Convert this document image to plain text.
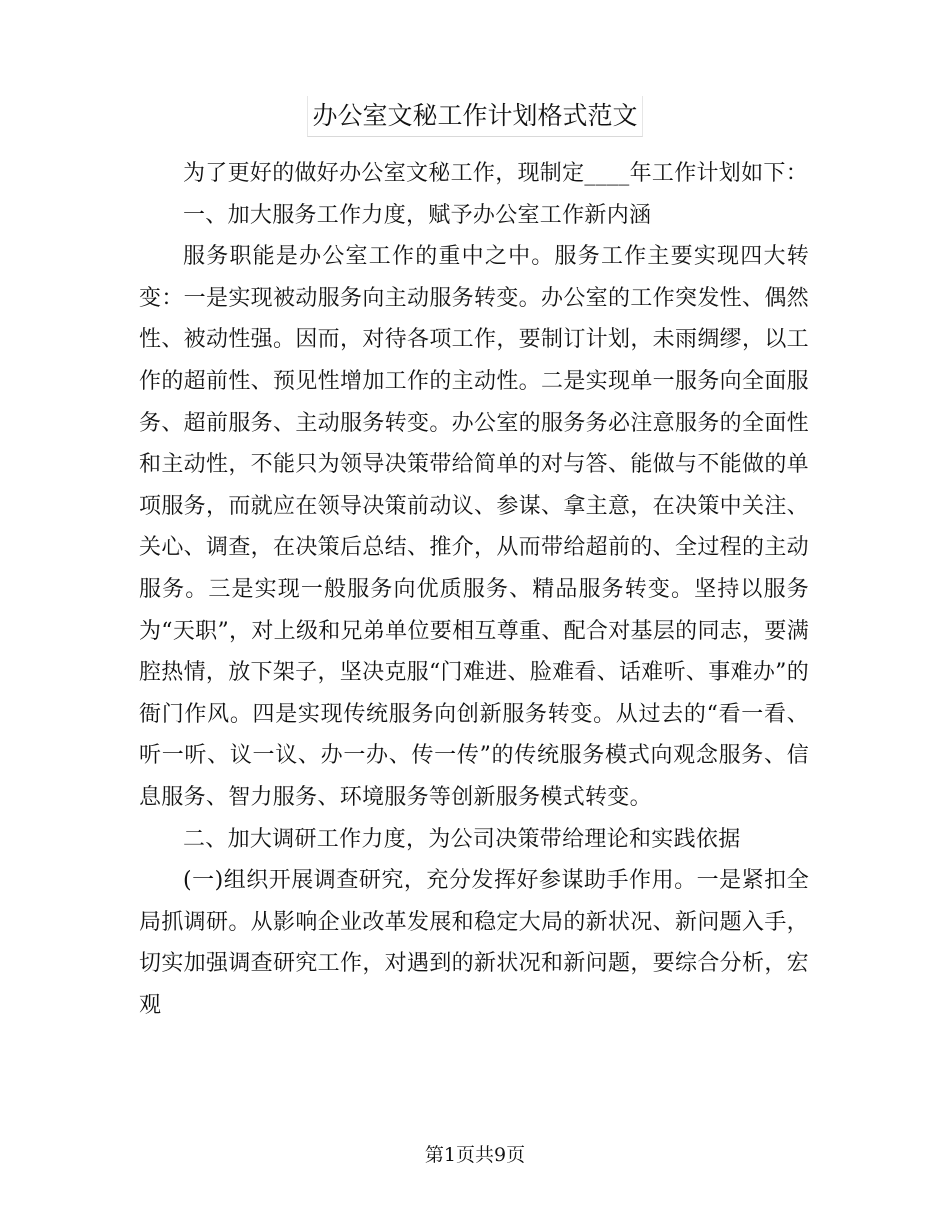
办公室文秘工作计划格式范文

为了更好的做好办公室文秘工作，现制定____年工作计划如下：

一、加大服务工作力度，赋予办公室工作新内涵

服务职能是办公室工作的重中之中。服务工作主要实现四大转变：一是实现被动服务向主动服务转变。办公室的工作突发性、偶然性、被动性强。因而，对待各项工作，要制订计划，未雨绸缪，以工作的超前性、预见性增加工作的主动性。二是实现单一服务向全面服务、超前服务、主动服务转变。办公室的服务务必注意服务的全面性和主动性，不能只为领导决策带给简单的对与答、能做与不能做的单项服务，而就应在领导决策前动议、参谋、拿主意，在决策中关注、关心、调查，在决策后总结、推介，从而带给超前的、全过程的主动服务。三是实现一般服务向优质服务、精品服务转变。坚持以服务为“天职”，对上级和兄弟单位要相互尊重、配合对基层的同志，要满腔热情，放下架子，坚决克服“门难进、脸难看、话难听、事难办”的衙门作风。四是实现传统服务向创新服务转变。从过去的“看一看、听一听、议一议、办一办、传一传”的传统服务模式向观念服务、信息服务、智力服务、环境服务等创新服务模式转变。

二、加大调研工作力度，为公司决策带给理论和实践依据

(一)组织开展调查研究，充分发挥好参谋助手作用。一是紧扣全局抓调研。从影响企业改革发展和稳定大局的新状况、新问题入手，切实加强调查研究工作，对遇到的新状况和新问题，要综合分析，宏观

第1页共9页
